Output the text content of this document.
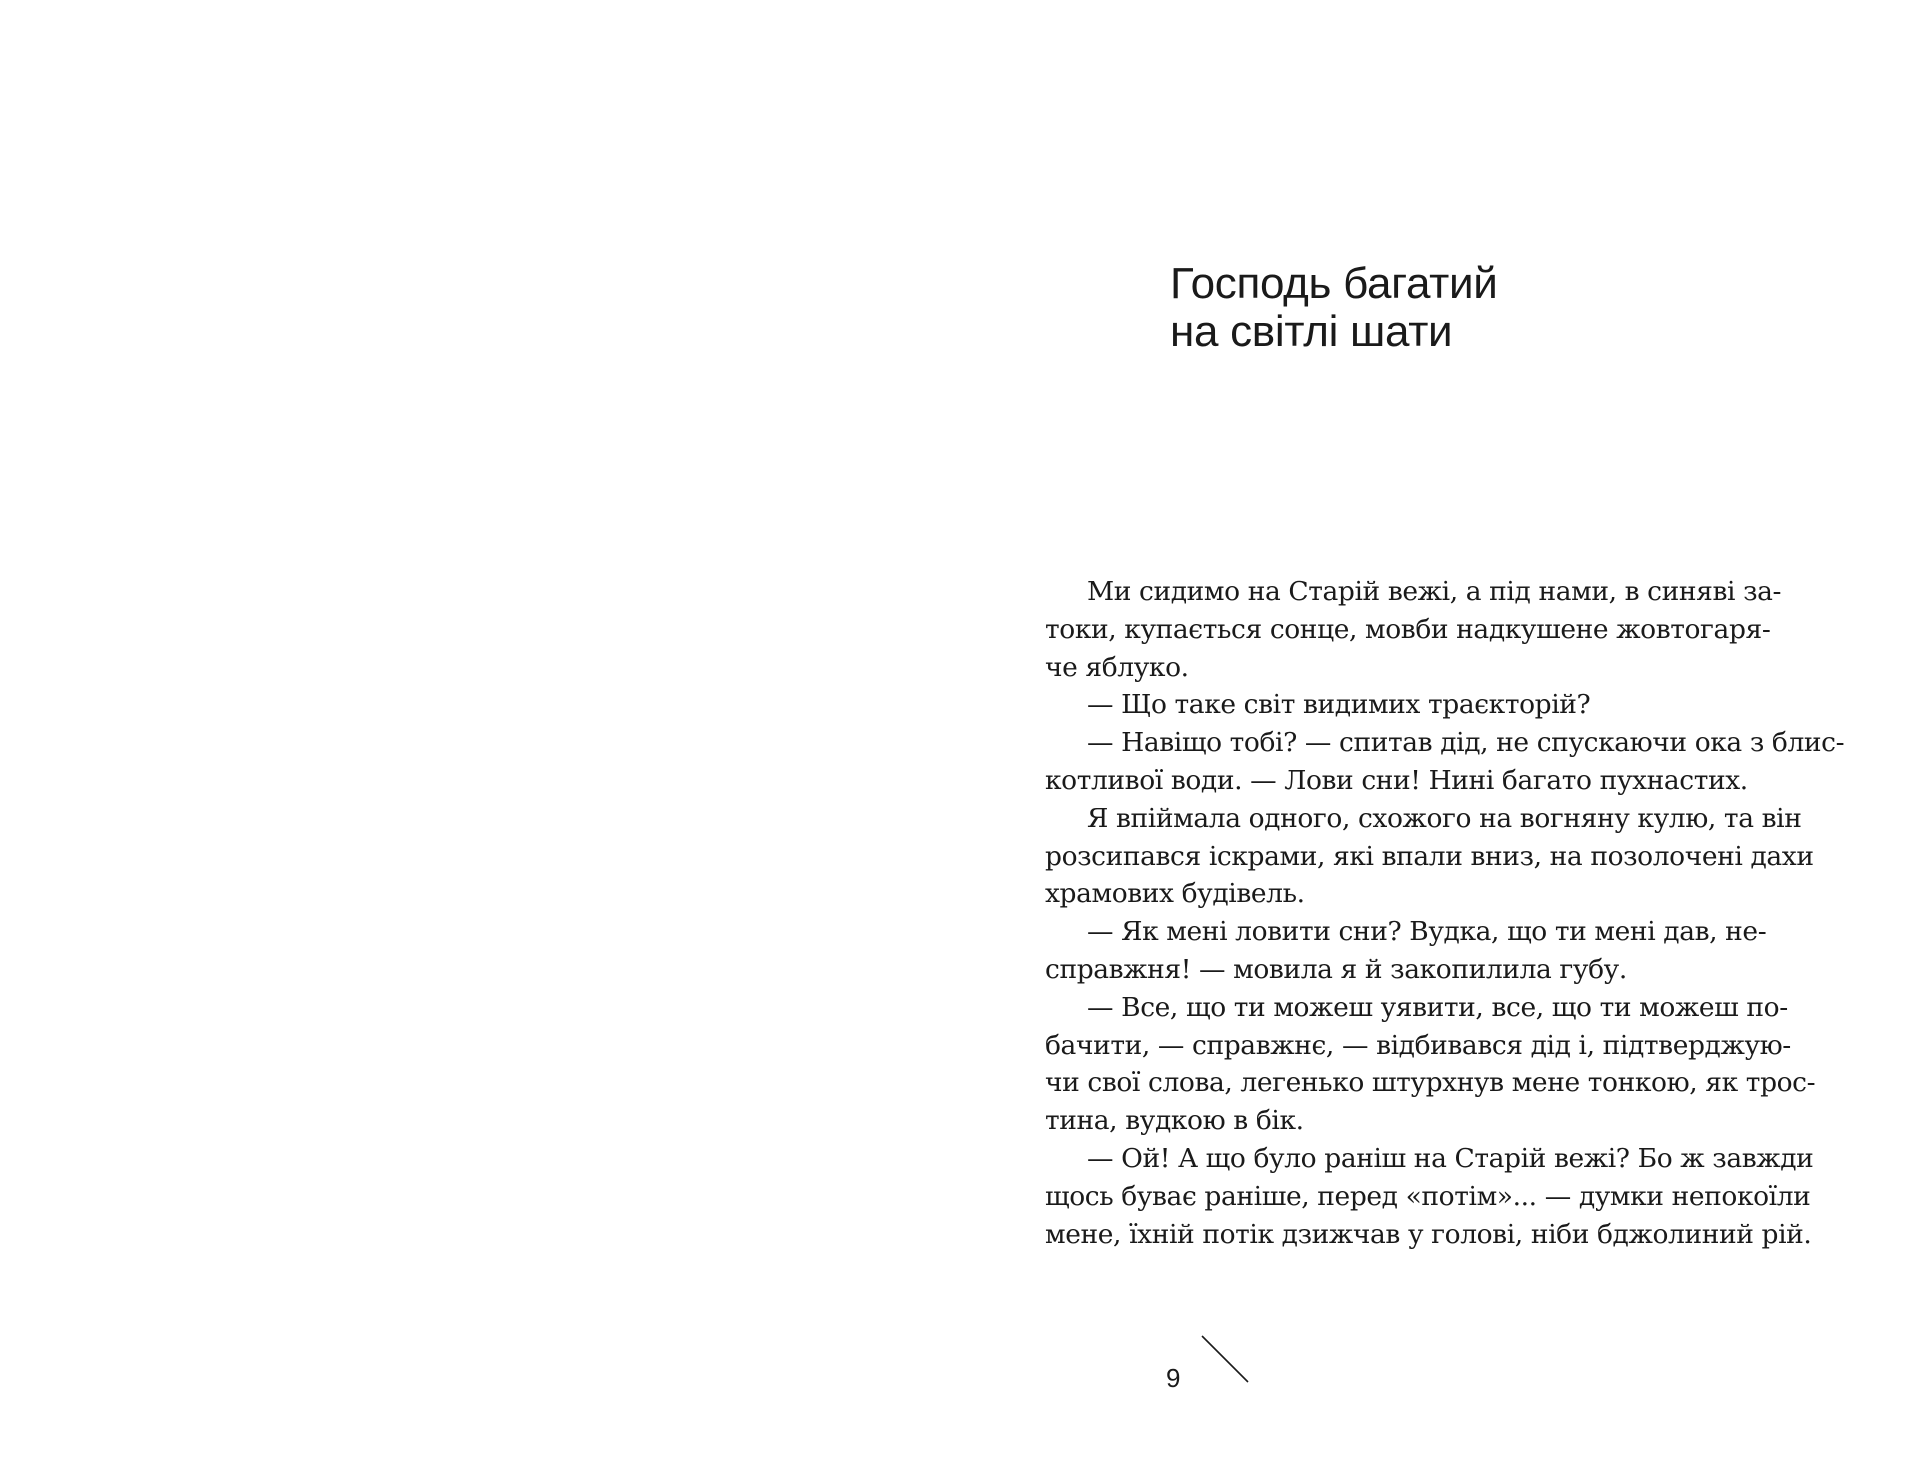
Господь багатий
на світлі шати
Ми сидимо на Старій вежі, а під нами, в синяві за-
токи, купається сонце, мовби надкушене жовтогаря-
че яблуко.
— Що таке світ видимих траєкторій?
— Навіщо тобі? — спитав дід, не спускаючи ока з блис-
котливої води. — Лови сни! Нині багато пухнастих.
Я впіймала одного, схожого на вогняну кулю, та він
розсипався іскрами, які впали вниз, на позолочені дахи
храмових будівель.
— Як мені ловити сни? Вудка, що ти мені дав, не-
справжня! — мовила я й закопилила губу.
— Все, що ти можеш уявити, все, що ти можеш по-
бачити, — справжнє, — відбивався дід і, підтверджую-
чи свої слова, легенько штурхнув мене тонкою, як трос-
тина, вудкою в бік.
— Ой! А що було раніш на Старій вежі? Бо ж завжди
щось буває раніше, перед «потім»... — думки непокоїли
мене, їхній потік дзижчав у голові, ніби бджолиний рій.
9
